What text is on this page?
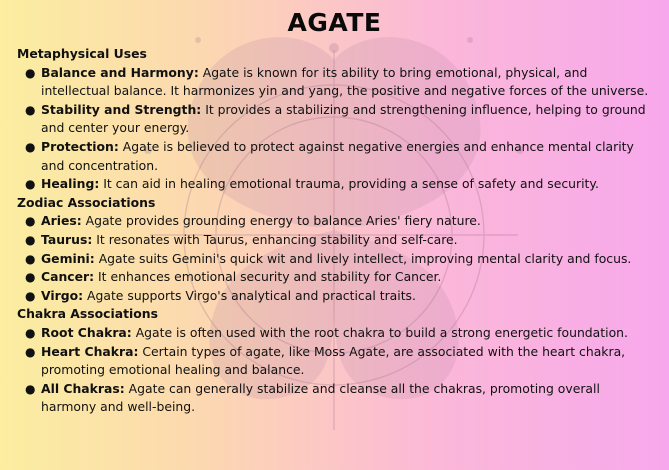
AGATE

Metaphysical Uses

● Balance and Harmony: Agate is known for its ability to bring emotional, physical, and intellectual balance. It harmonizes yin and yang, the positive and negative forces of the universe.
● Stability and Strength: It provides a stabilizing and strengthening influence, helping to ground and center your energy.
● Protection: Agate is believed to protect against negative energies and enhance mental clarity and concentration.
● Healing: It can aid in healing emotional trauma, providing a sense of safety and security.

Zodiac Associations

● Aries: Agate provides grounding energy to balance Aries' fiery nature.
● Taurus: It resonates with Taurus, enhancing stability and self-care.
● Gemini: Agate suits Gemini's quick wit and lively intellect, improving mental clarity and focus.
● Cancer: It enhances emotional security and stability for Cancer.
● Virgo: Agate supports Virgo's analytical and practical traits.

Chakra Associations

● Root Chakra: Agate is often used with the root chakra to build a strong energetic foundation.
● Heart Chakra: Certain types of agate, like Moss Agate, are associated with the heart chakra, promoting emotional healing and balance.
● All Chakras: Agate can generally stabilize and cleanse all the chakras, promoting overall harmony and well-being.
